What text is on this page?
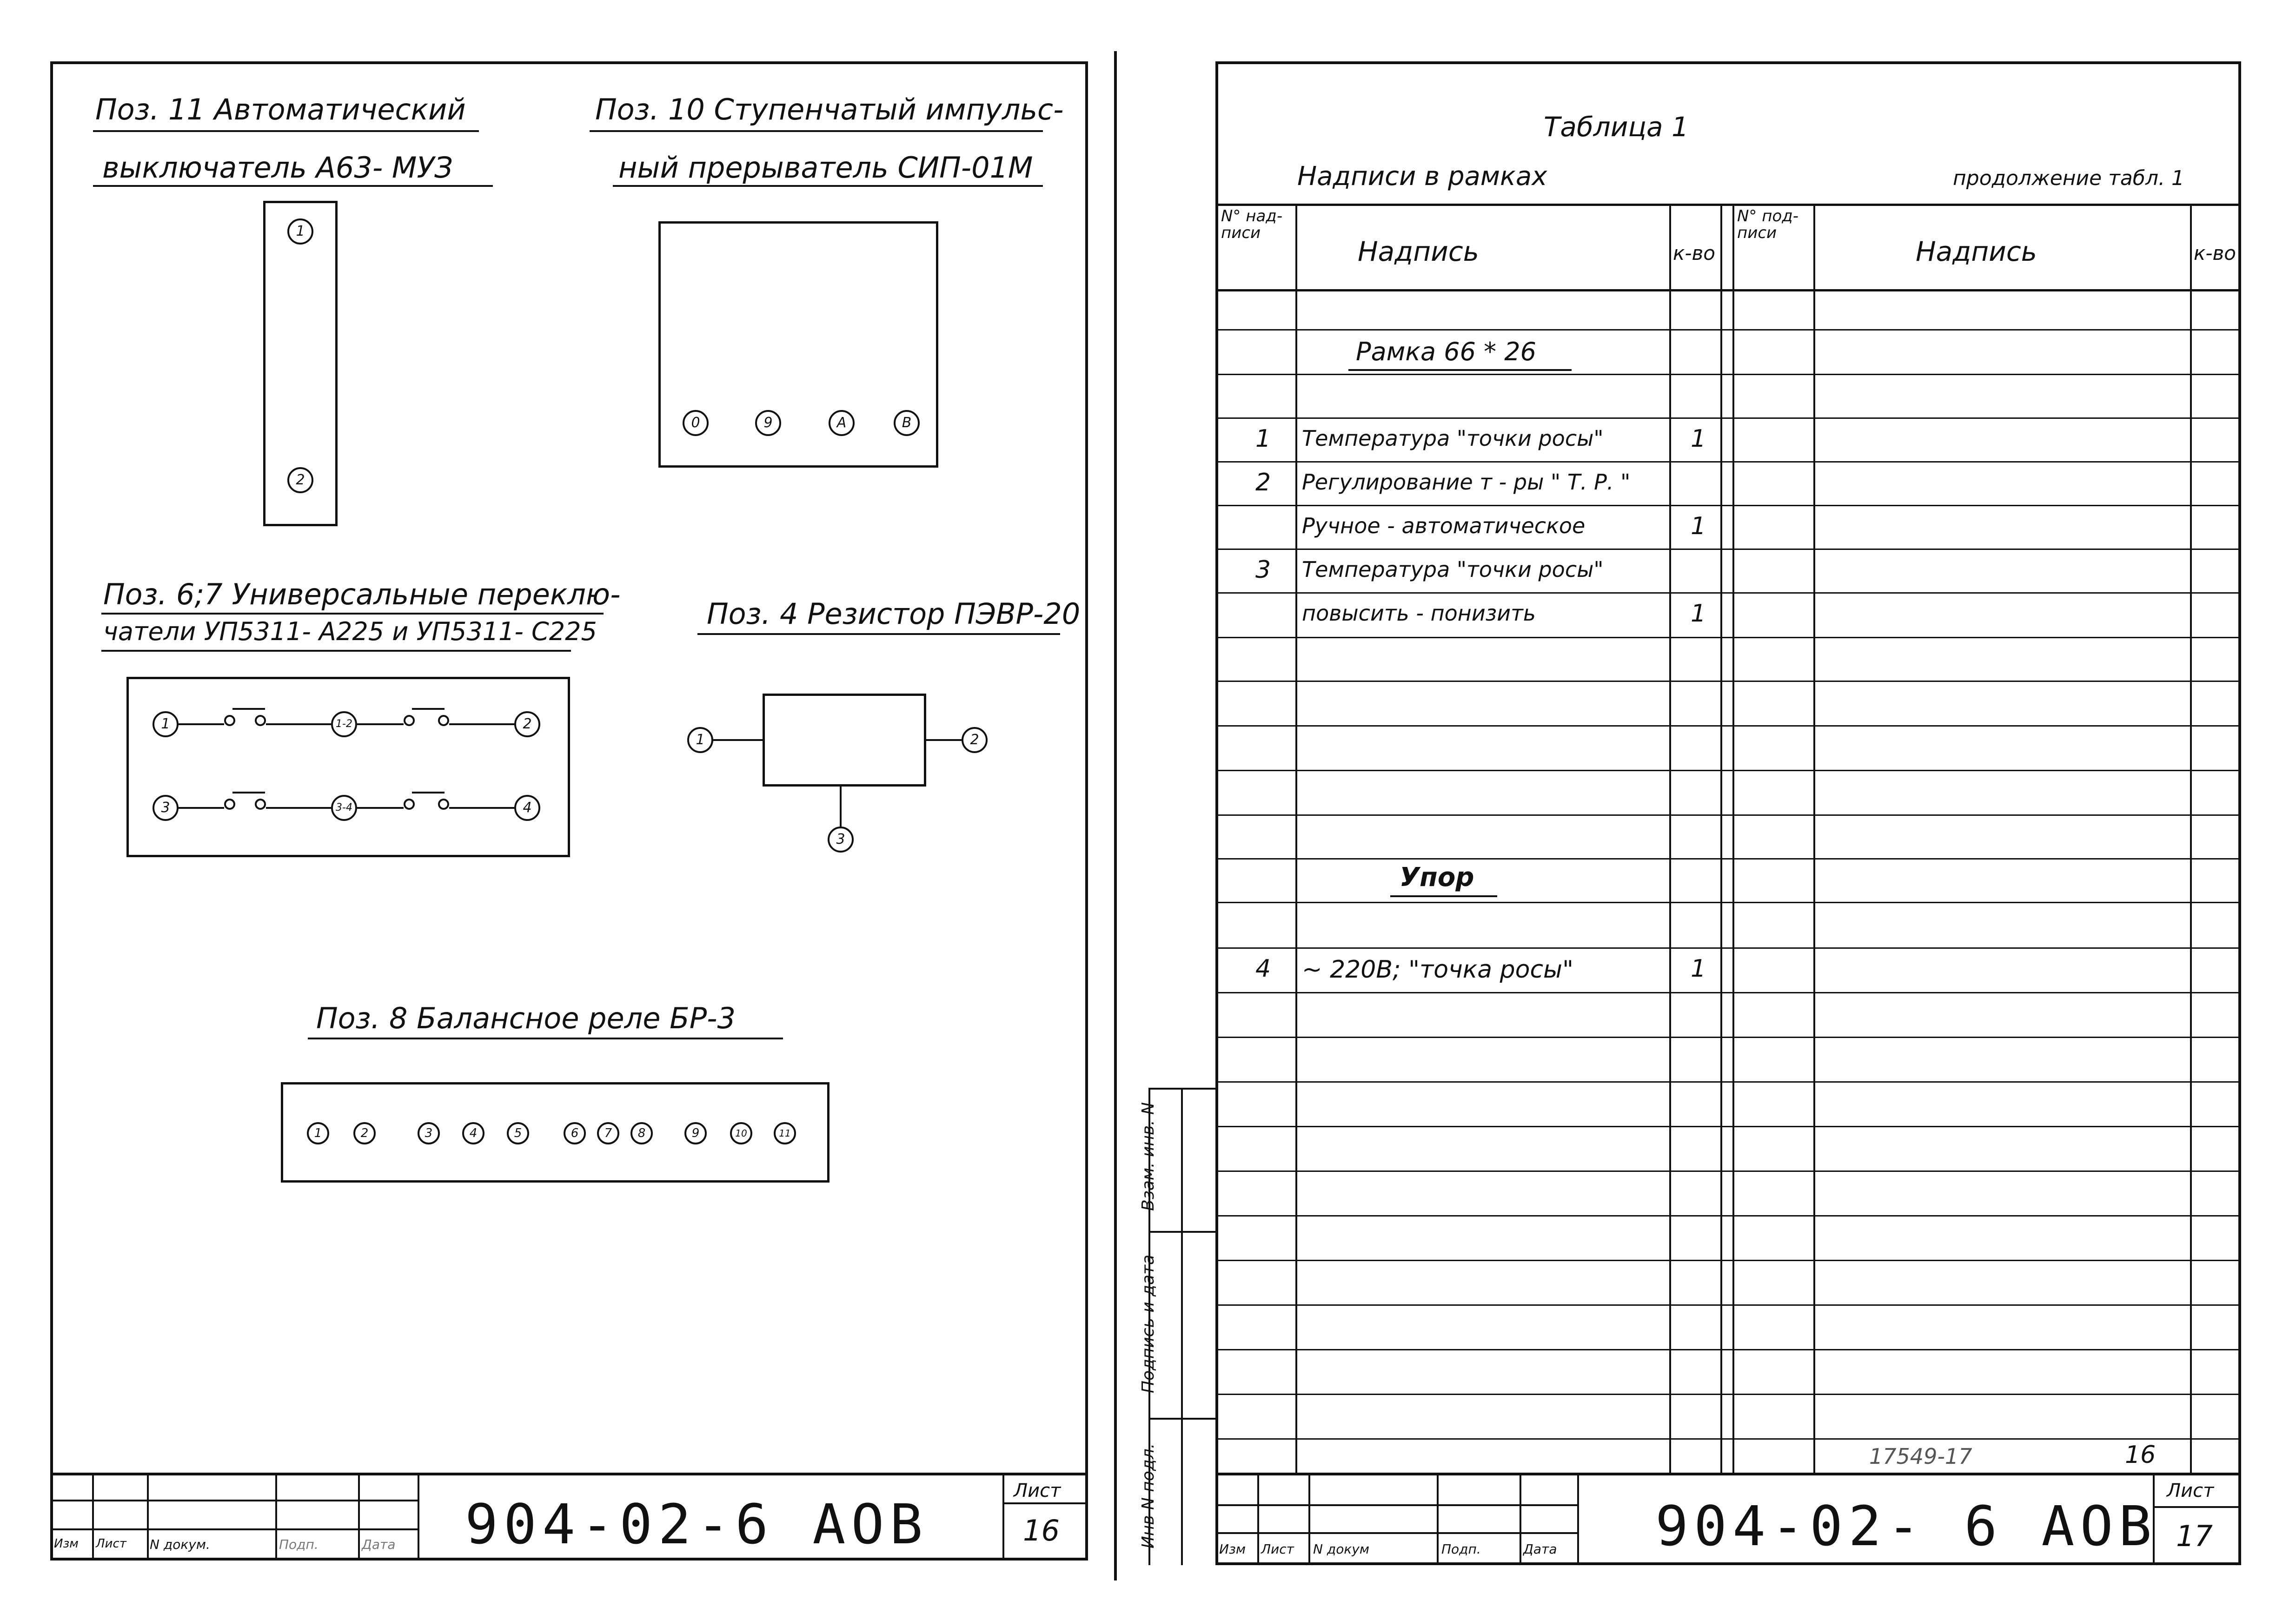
Поз. 11 Автоматический
выключатель А63- МУЗ
1
2
Поз. 10 Ступенчатый импульс-
ный прерыватель СИП-01М
0	9	А	В
Поз. 6;7 Универсальные переклю-
чатели УП5311- А225 и УП5311- С225
1	1-2	2
3	3-4	4
Поз. 4 Резистор ПЭВР-20
1	2
3
Поз. 8 Балансное реле БР-3
1	2	3	4	5	6	7	8	9	10	11
Изм Лист N докум.	Подп.	Дата 904-02-6 АОВ
Лист
16
Таблица 1
Надписи в рамках	продолжение табл. 1
N° над- писи
Надпись	к-во
N° под- писи
Надпись	к-во
Рамка 66 * 26
1 Температура "точки росы"	1
2 Регулирование т - ры " Т. Р. "
Ручное - автоматическое	1
3 Температура "точки росы"
повысить - понизить	1
Упор
4 ~ 220В; "точка росы"	1
Инв N подл.
Подпись и дата
Взам. инв. N
17549-17	16
Изм Лист N докум	Подп.	Дата 904-02- 6 АОВ
Лист
17
